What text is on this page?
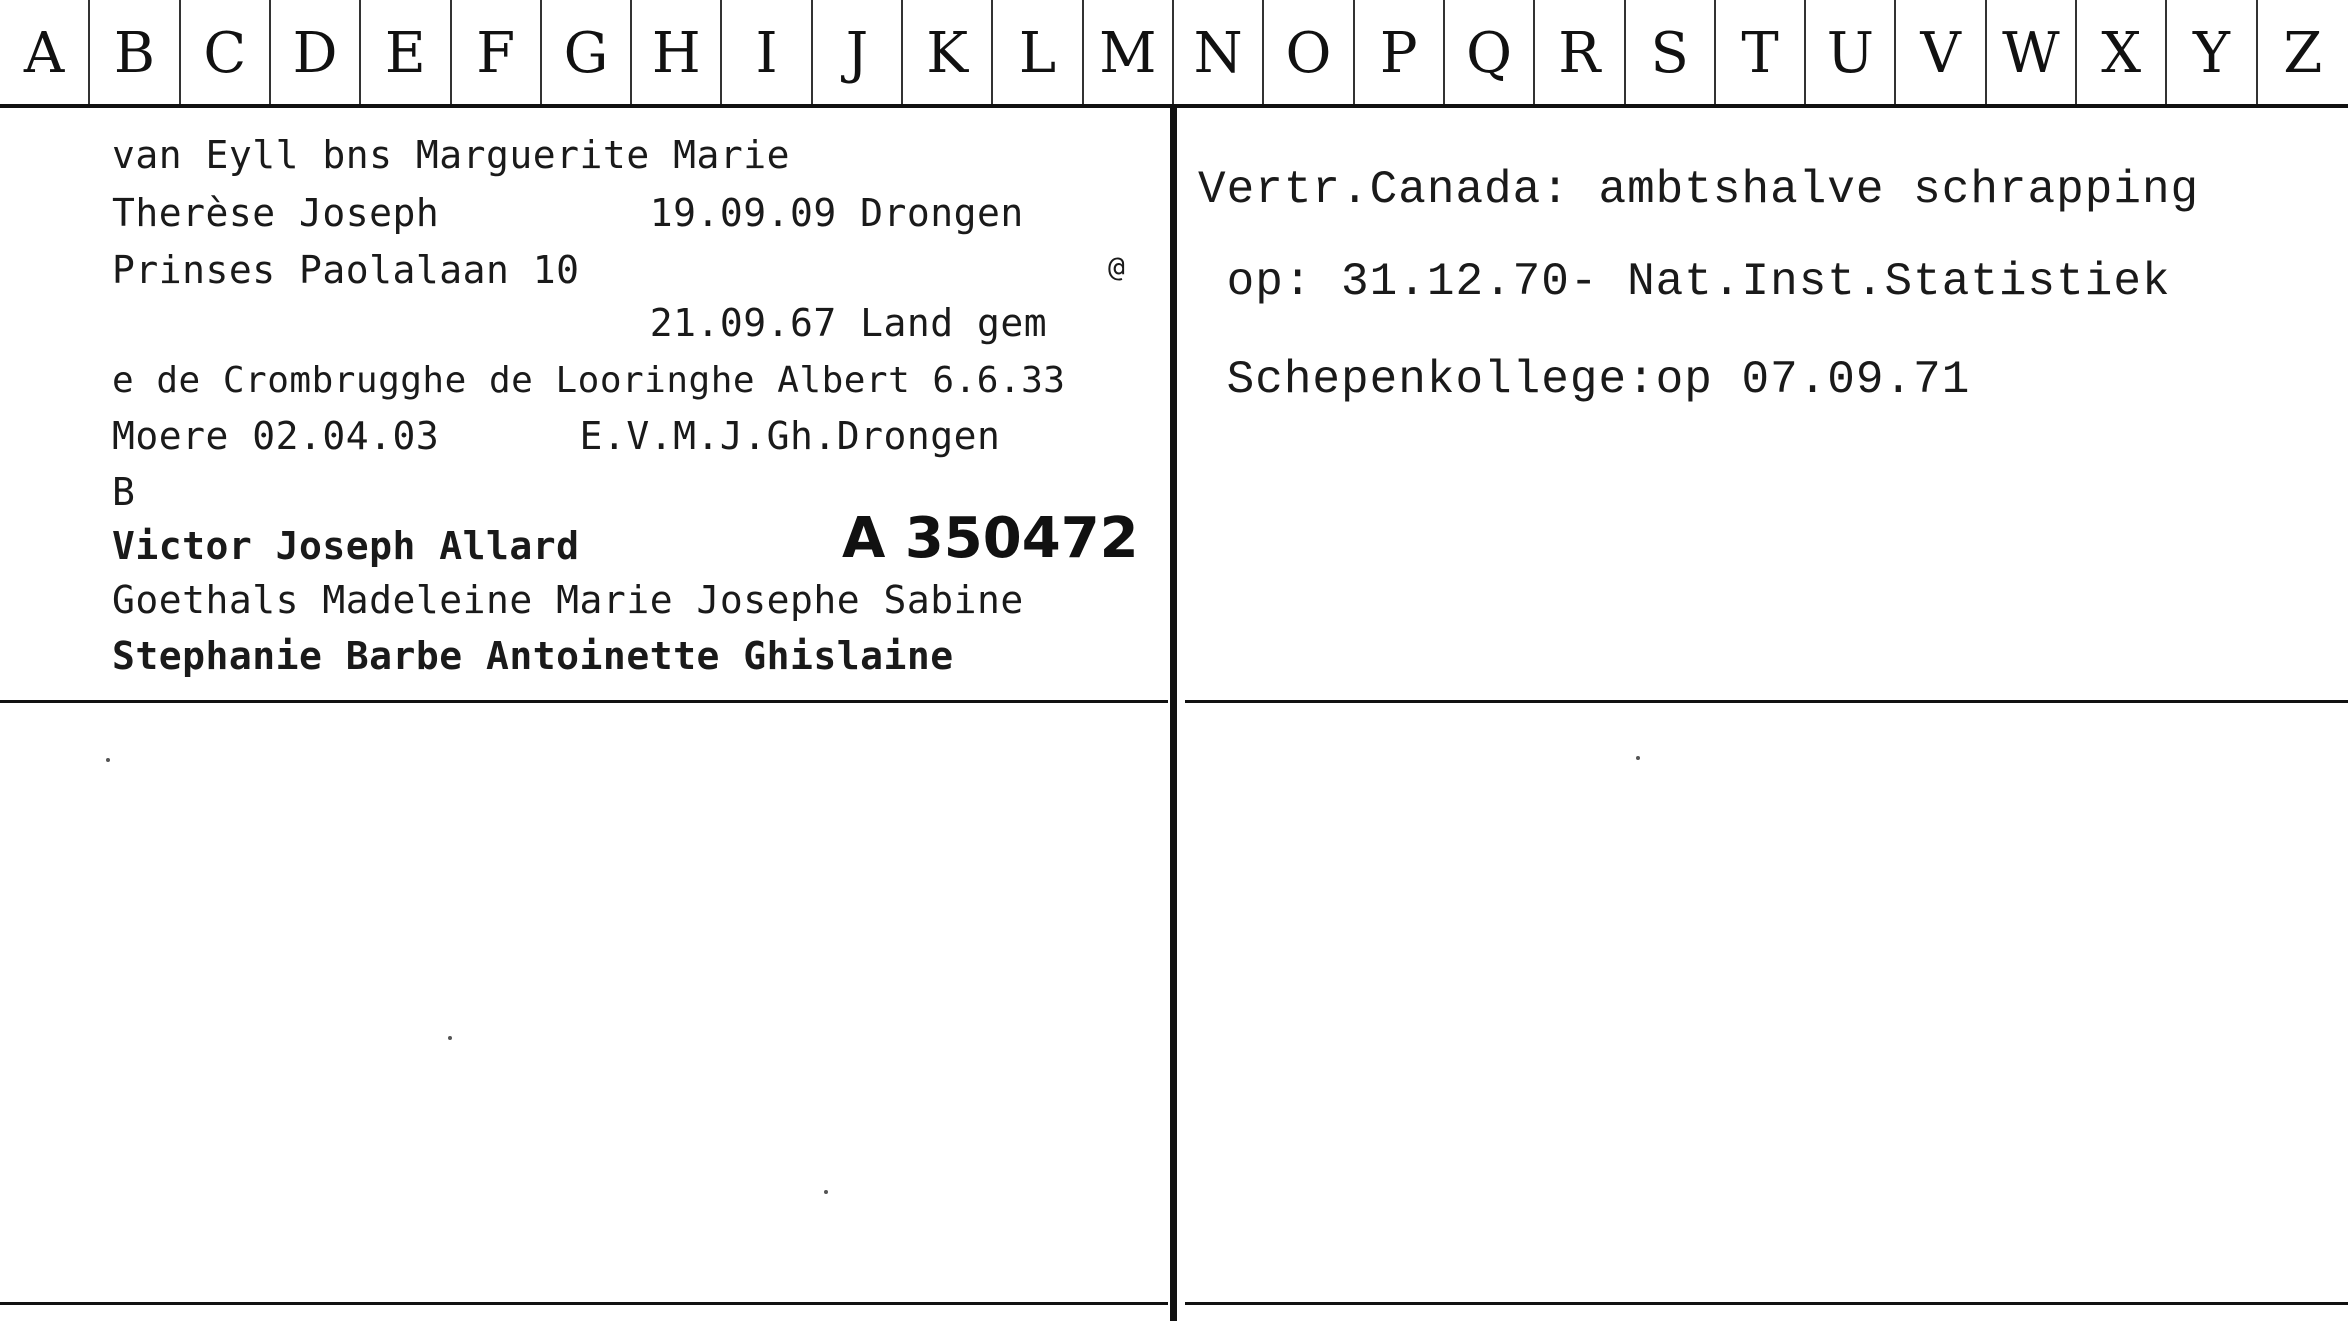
A B C D E F G H I	J	K L M N O P Q R S T U V W X Y Z
van Eyll bns Marguerite Marie
Therèse Joseph         19.09.09 Drongen
Prinses Paolalaan 10	@
21.09.67 Land gem
e de Crombrugghe de Looringhe Albert 6.6.33
Moere 02.04.03      E.V.M.J.Gh.Drongen
B
Victor Joseph Allard	A 350472
Goethals Madeleine Marie Josephe Sabine
Stephanie Barbe Antoinette Ghislaine
Vertr.Canada: ambtshalve schrapping
op: 31.12.70- Nat.Inst.Statistiek
Schepenkollege:op 07.09.71
